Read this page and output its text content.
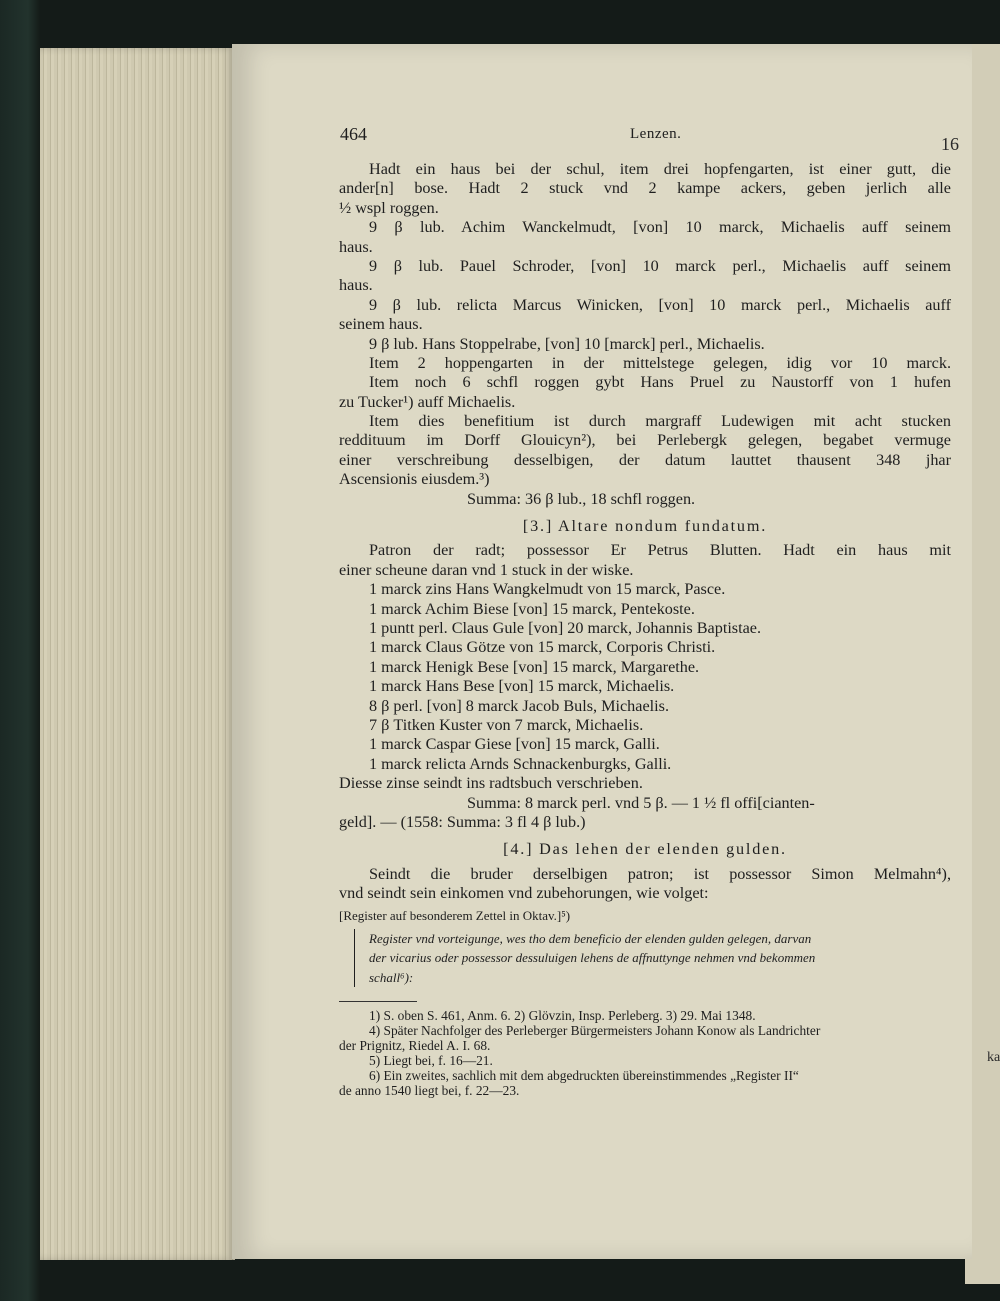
16
ka
464	Lenzen.
Hadt ein haus bei der schul, item drei hopfengarten, ist einer gutt, die
ander[n] bose. Hadt 2 stuck vnd 2 kampe ackers, geben jerlich alle
½ wspl roggen.
9 β lub. Achim Wanckelmudt, [von] 10 marck, Michaelis auff seinem
haus.
9 β lub. Pauel Schroder, [von] 10 marck perl., Michaelis auff seinem
haus.
9 β lub. relicta Marcus Winicken, [von] 10 marck perl., Michaelis auff
seinem haus.
9 β lub. Hans Stoppelrabe, [von] 10 [marck] perl., Michaelis.
Item 2 hoppengarten in der mittelstege gelegen, idig vor 10 marck.
Item noch 6 schfl roggen gybt Hans Pruel zu Naustorff von 1 hufen
zu Tucker¹) auff Michaelis.
Item dies benefitium ist durch margraff Ludewigen mit acht stucken
reddituum im Dorff Glouicyn²), bei Perlebergk gelegen, begabet vermuge
einer verschreibung desselbigen, der datum lauttet thausent 348 jhar
Ascensionis eiusdem.³)
Summa: 36 β lub., 18 schfl roggen.
[3.] Altare nondum fundatum.
Patron der radt; possessor Er Petrus Blutten. Hadt ein haus mit
einer scheune daran vnd 1 stuck in der wiske.
1 marck zins Hans Wangkelmudt von 15 marck, Pasce.
1 marck Achim Biese [von] 15 marck, Pentekoste.
1 puntt perl. Claus Gule [von] 20 marck, Johannis Baptistae.
1 marck Claus Götze von 15 marck, Corporis Christi.
1 marck Henigk Bese [von] 15 marck, Margarethe.
1 marck Hans Bese [von] 15 marck, Michaelis.
8 β perl. [von] 8 marck Jacob Buls, Michaelis.
7 β Titken Kuster von 7 marck, Michaelis.
1 marck Caspar Giese [von] 15 marck, Galli.
1 marck relicta Arnds Schnackenburgks, Galli.
Diesse zinse seindt ins radtsbuch verschrieben.
Summa: 8 marck perl. vnd 5 β. — 1 ½ fl offi[cianten-
geld]. — (1558: Summa: 3 fl 4 β lub.)
[4.] Das lehen der elenden gulden.
Seindt die bruder derselbigen patron; ist possessor Simon Melmahn⁴),
vnd seindt sein einkomen vnd zubehorungen, wie volget:
[Register auf besonderem Zettel in Oktav.]⁵)
Register vnd vorteigunge, wes tho dem beneficio der elenden gulden gelegen, darvan
der vicarius oder possessor dessuluigen lehens de affnuttynge nehmen vnd bekommen
schall⁶):
1) S. oben S. 461, Anm. 6. 2) Glövzin, Insp. Perleberg. 3) 29. Mai 1348.
4) Später Nachfolger des Perleberger Bürgermeisters Johann Konow als Landrichter
der Prignitz, Riedel A. I. 68.
5) Liegt bei, f. 16—21.
6) Ein zweites, sachlich mit dem abgedruckten übereinstimmendes „Register II“
de anno 1540 liegt bei, f. 22—23.
